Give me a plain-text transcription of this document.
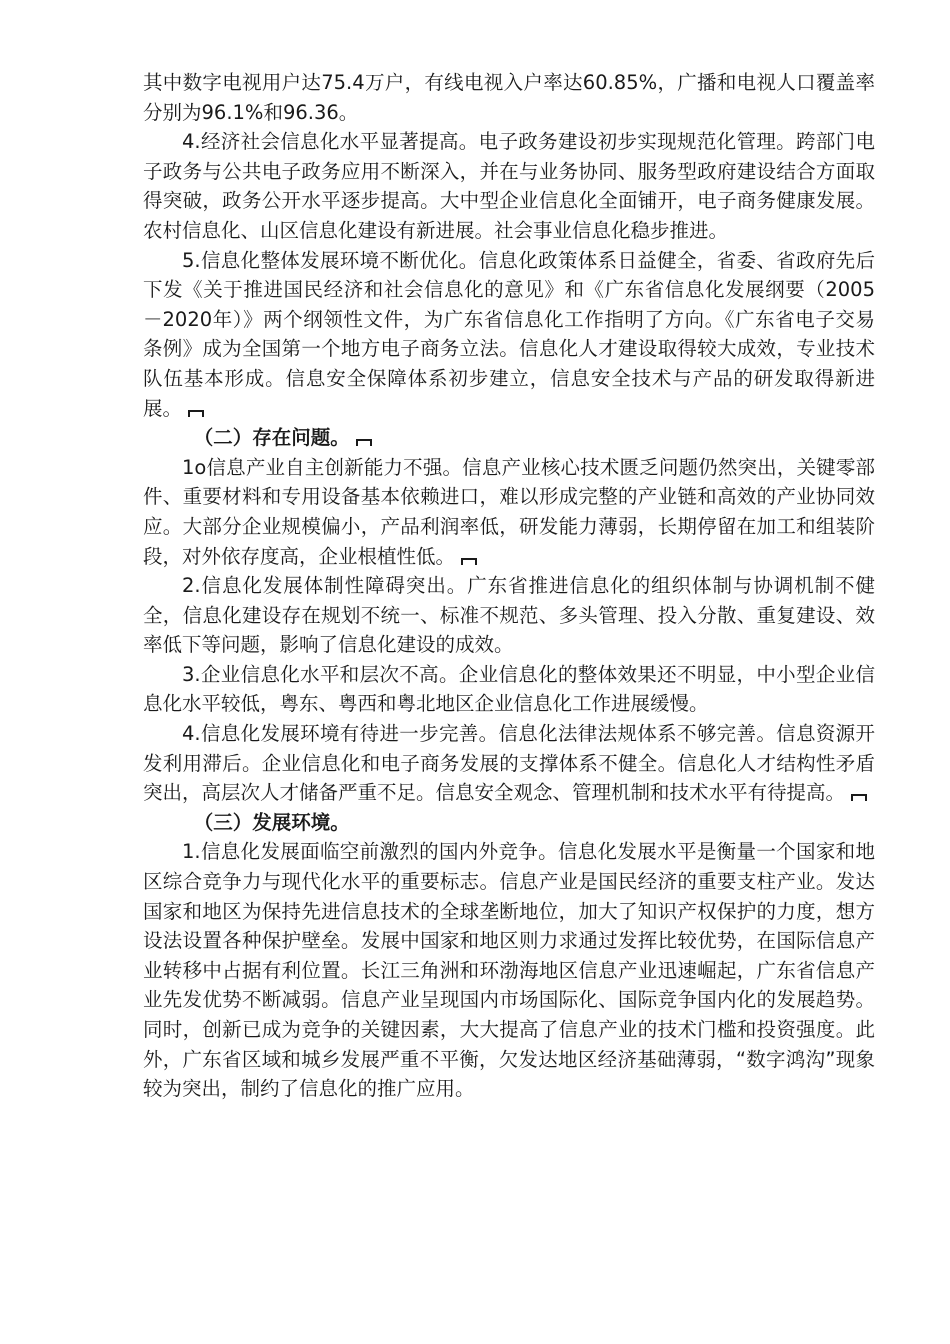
其中数字电视用户达75.4万户，有线电视入户率达60.85%，广播和电视人口覆盖率分别为96.1%和96.36。

4.经济社会信息化水平显著提高。电子政务建设初步实现规范化管理。跨部门电子政务与公共电子政务应用不断深入，并在与业务协同、服务型政府建设结合方面取得突破，政务公开水平逐步提高。大中型企业信息化全面铺开，电子商务健康发展。农村信息化、山区信息化建设有新进展。社会事业信息化稳步推进。

5.信息化整体发展环境不断优化。信息化政策体系日益健全，省委、省政府先后下发《关于推进国民经济和社会信息化的意见》和《广东省信息化发展纲要（2005－2020年）》两个纲领性文件，为广东省信息化工作指明了方向。《广东省电子交易条例》成为全国第一个地方电子商务立法。信息化人才建设取得较大成效，专业技术队伍基本形成。信息安全保障体系初步建立，信息安全技术与产品的研发取得新进展。

（二）存在问题。

1o信息产业自主创新能力不强。信息产业核心技术匮乏问题仍然突出，关键零部件、重要材料和专用设备基本依赖进口，难以形成完整的产业链和高效的产业协同效应。大部分企业规模偏小，产品利润率低，研发能力薄弱，长期停留在加工和组装阶段，对外依存度高，企业根植性低。

2.信息化发展体制性障碍突出。广东省推进信息化的组织体制与协调机制不健全，信息化建设存在规划不统一、标准不规范、多头管理、投入分散、重复建设、效率低下等问题，影响了信息化建设的成效。

3.企业信息化水平和层次不高。企业信息化的整体效果还不明显，中小型企业信息化水平较低，粤东、粤西和粤北地区企业信息化工作进展缓慢。

4.信息化发展环境有待进一步完善。信息化法律法规体系不够完善。信息资源开发利用滞后。企业信息化和电子商务发展的支撑体系不健全。信息化人才结构性矛盾突出，高层次人才储备严重不足。信息安全观念、管理机制和技术水平有待提高。

（三）发展环境。

1.信息化发展面临空前激烈的国内外竞争。信息化发展水平是衡量一个国家和地区综合竞争力与现代化水平的重要标志。信息产业是国民经济的重要支柱产业。发达国家和地区为保持先进信息技术的全球垄断地位，加大了知识产权保护的力度，想方设法设置各种保护壁垒。发展中国家和地区则力求通过发挥比较优势，在国际信息产业转移中占据有利位置。长江三角洲和环渤海地区信息产业迅速崛起，广东省信息产业先发优势不断减弱。信息产业呈现国内市场国际化、国际竞争国内化的发展趋势。同时，创新已成为竞争的关键因素，大大提高了信息产业的技术门槛和投资强度。此外，广东省区域和城乡发展严重不平衡，欠发达地区经济基础薄弱，“数字鸿沟”现象较为突出，制约了信息化的推广应用。
